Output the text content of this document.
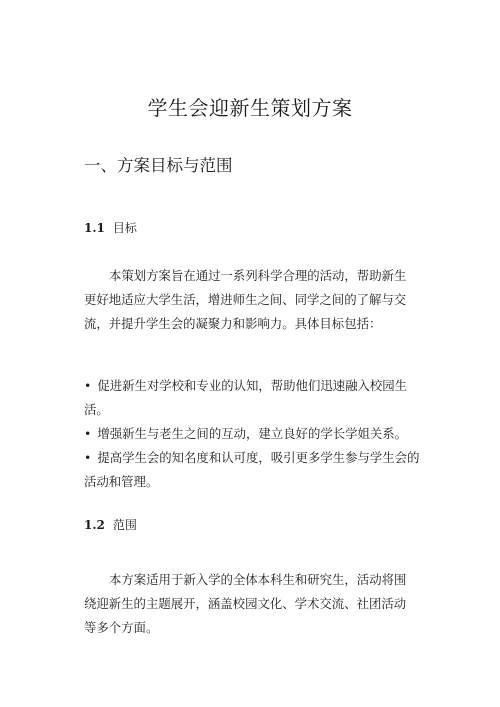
学生会迎新生策划方案
一、方案目标与范围
1.1 目标

本策划方案旨在通过一系列科学合理的活动，帮助新生更好地适应大学生活，增进师生之间、同学之间的了解与交流，并提升学生会的凝聚力和影响力。具体目标包括：

• 促进新生对学校和专业的认知，帮助他们迅速融入校园生活。
• 增强新生与老生之间的互动，建立良好的学长学姐关系。
• 提高学生会的知名度和认可度，吸引更多学生参与学生会的活动和管理。
1.2 范围

本方案适用于新入学的全体本科生和研究生，活动将围绕迎新生的主题展开，涵盖校园文化、学术交流、社团活动等多个方面。
